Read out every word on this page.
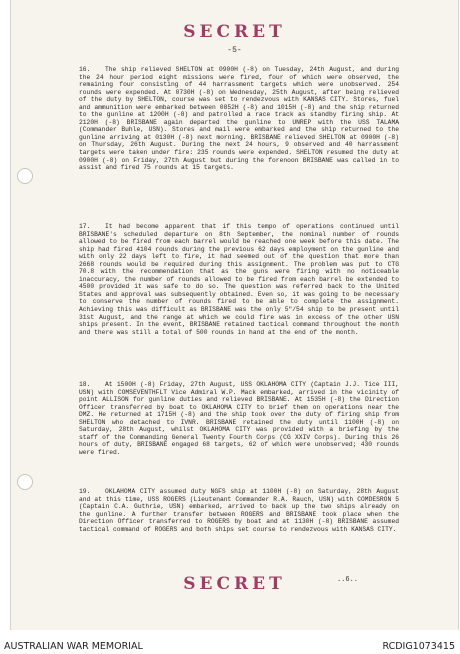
SECRET
-5-
16. The ship relieved SHELTON at 0900H (-8) on Tuesday, 24th August, and during the 24 hour period eight missions were fired, four of which were observed, the remaining four consisting of 44 harrassment targets which were unobserved. 254 rounds were expended. At 0730H (-8) on Wednesday, 25th August, after being relieved of the duty by SHELTON, course was set to rendezvous with KANSAS CITY. Stores, fuel and ammunition were embarked between 0852H (-8) and 1015H (-8) and the ship returned to the gunline at 1200H (-8) and patrolled a race track as standby firing ship. At 2120H (-8) BRISBANE again departed the gunline to UNREP with the USS TALAMA (Commander Buhle, USN). Stores and mail were embarked and the ship returned to the gunline arriving at 0130H (-8) next morning. BRISBANE relieved SHELTON at 0900H (-8) on Thursday, 26th August. During the next 24 hours, 9 observed and 40 harrassment targets were taken under fire: 235 rounds were expended. SHELTON resumed the duty at 0900H (-8) on Friday, 27th August but during the forenoon BRISBANE was called in to assist and fired 75 rounds at 15 targets.
17. It had become apparent that if this tempo of operations continued until BRISBANE's scheduled departure on 8th September, the nominal number of rounds allowed to be fired from each barrel would be reached one week before this date. The ship had fired 4104 rounds during the previous 62 days employment on the gunline and with only 22 days left to fire, it had seemed out of the question that more than 2668 rounds would be required during this assignment. The problem was put to CTG 70.8 with the recommendation that as the guns were firing with no noticeable inaccuracy, the number of rounds allowed to be fired from each barrel be extended to 4500 provided it was safe to do so. The question was referred back to the United States and approval was subsequently obtained. Even so, it was going to be necessary to conserve the number of rounds fired to be able to complete the assignment. Achieving this was difficult as BRISBANE was the only 5"/54 ship to be present until 31st August, and the range at which we could fire was in excess of the other USN ships present. In the event, BRISBANE retained tactical command throughout the month and there was still a total of 500 rounds in hand at the end of the month.
18. At 1500H (-8) Friday, 27th August, USS OKLAHOMA CITY (Captain J.J. Tice III, USN) with COMSEVENTHFLT Vice Admiral W.P. Mack embarked, arrived in the vicinity of point ALLISON for gunline duties and relieved BRISBANE. At 1535H (-8) the Direction Officer transferred by boat to OKLAHOMA CITY to brief them on operations near the DMZ. He returned at 1715H (-8) and the ship took over the duty of firing ship from SHELTON who detached to IVNR. BRISBANE retained the duty until 1100H (-8) on Saturday, 28th August, whilst OKLAHOMA CITY was provided with a briefing by the staff of the Commanding General Twenty Fourth Corps (CG XXIV Corps). During this 26 hours of duty, BRISBANE engaged 68 targets, 62 of which were unobserved; 430 rounds were fired.
19. OKLAHOMA CITY assumed duty NGFS ship at 1100H (-8) on Saturday, 28th August and at this time, USS ROGERS (Lieutenant Commander R.A. Rauch, USN) with COMDESRON 5 (Captain C.A. Guthrie, USN) embarked, arrived to back up the two ships already on the gunline. A further transfer between ROGERS and BRISBANE took place when the Direction Officer transferred to ROGERS by boat and at 1130H (-8) BRISBANE assumed tactical command of ROGERS and both ships set course to rendezvous with KANSAS CITY.
SECRET	..6..
AUSTRALIAN WAR MEMORIAL	RCDIG1073415
